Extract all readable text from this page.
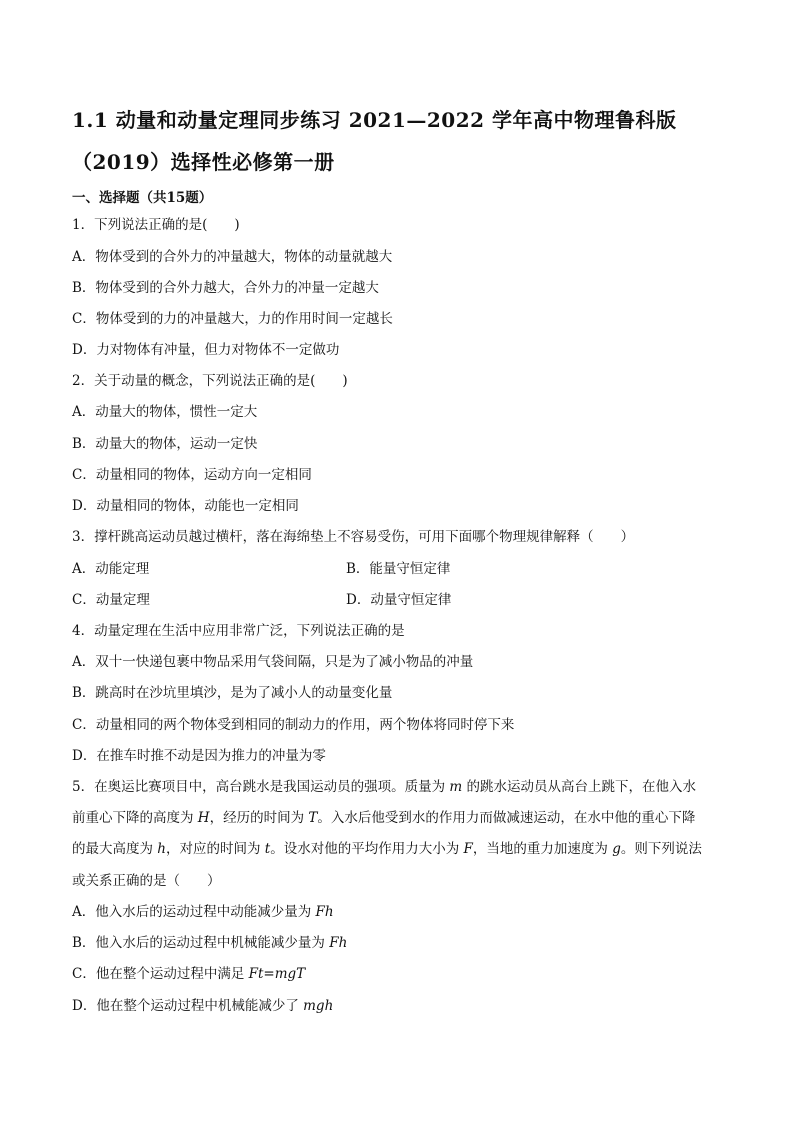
1.1 动量和动量定理同步练习 2021—2022 学年高中物理鲁科版
（2019）选择性必修第一册
一、选择题（共15题）
1．下列说法正确的是(　　)
A．物体受到的合外力的冲量越大，物体的动量就越大
B．物体受到的合外力越大，合外力的冲量一定越大
C．物体受到的力的冲量越大，力的作用时间一定越长
D．力对物体有冲量，但力对物体不一定做功
2．关于动量的概念，下列说法正确的是(　　)
A．动量大的物体，惯性一定大
B．动量大的物体，运动一定快
C．动量相同的物体，运动方向一定相同
D．动量相同的物体，动能也一定相同
3．撑杆跳高运动员越过横杆，落在海绵垫上不容易受伤，可用下面哪个物理规律解释（　　）
A．动能定理	B．能量守恒定律
C．动量定理	D．动量守恒定律
4．动量定理在生活中应用非常广泛，下列说法正确的是
A．双十一快递包裹中物品采用气袋间隔，只是为了减小物品的冲量
B．跳高时在沙坑里填沙，是为了减小人的动量变化量
C．动量相同的两个物体受到相同的制动力的作用，两个物体将同时停下来
D．在推车时推不动是因为推力的冲量为零
5．在奥运比赛项目中，高台跳水是我国运动员的强项。质量为 m 的跳水运动员从高台上跳下，在他入水
前重心下降的高度为 H，经历的时间为 T。入水后他受到水的作用力而做减速运动，在水中他的重心下降
的最大高度为 h，对应的时间为 t。设水对他的平均作用力大小为 F，当地的重力加速度为 g。则下列说法
或关系正确的是（　　）
A．他入水后的运动过程中动能减少量为 Fh
B．他入水后的运动过程中机械能减少量为 Fh
C．他在整个运动过程中满足 Ft=mgT
D．他在整个运动过程中机械能减少了 mgh
